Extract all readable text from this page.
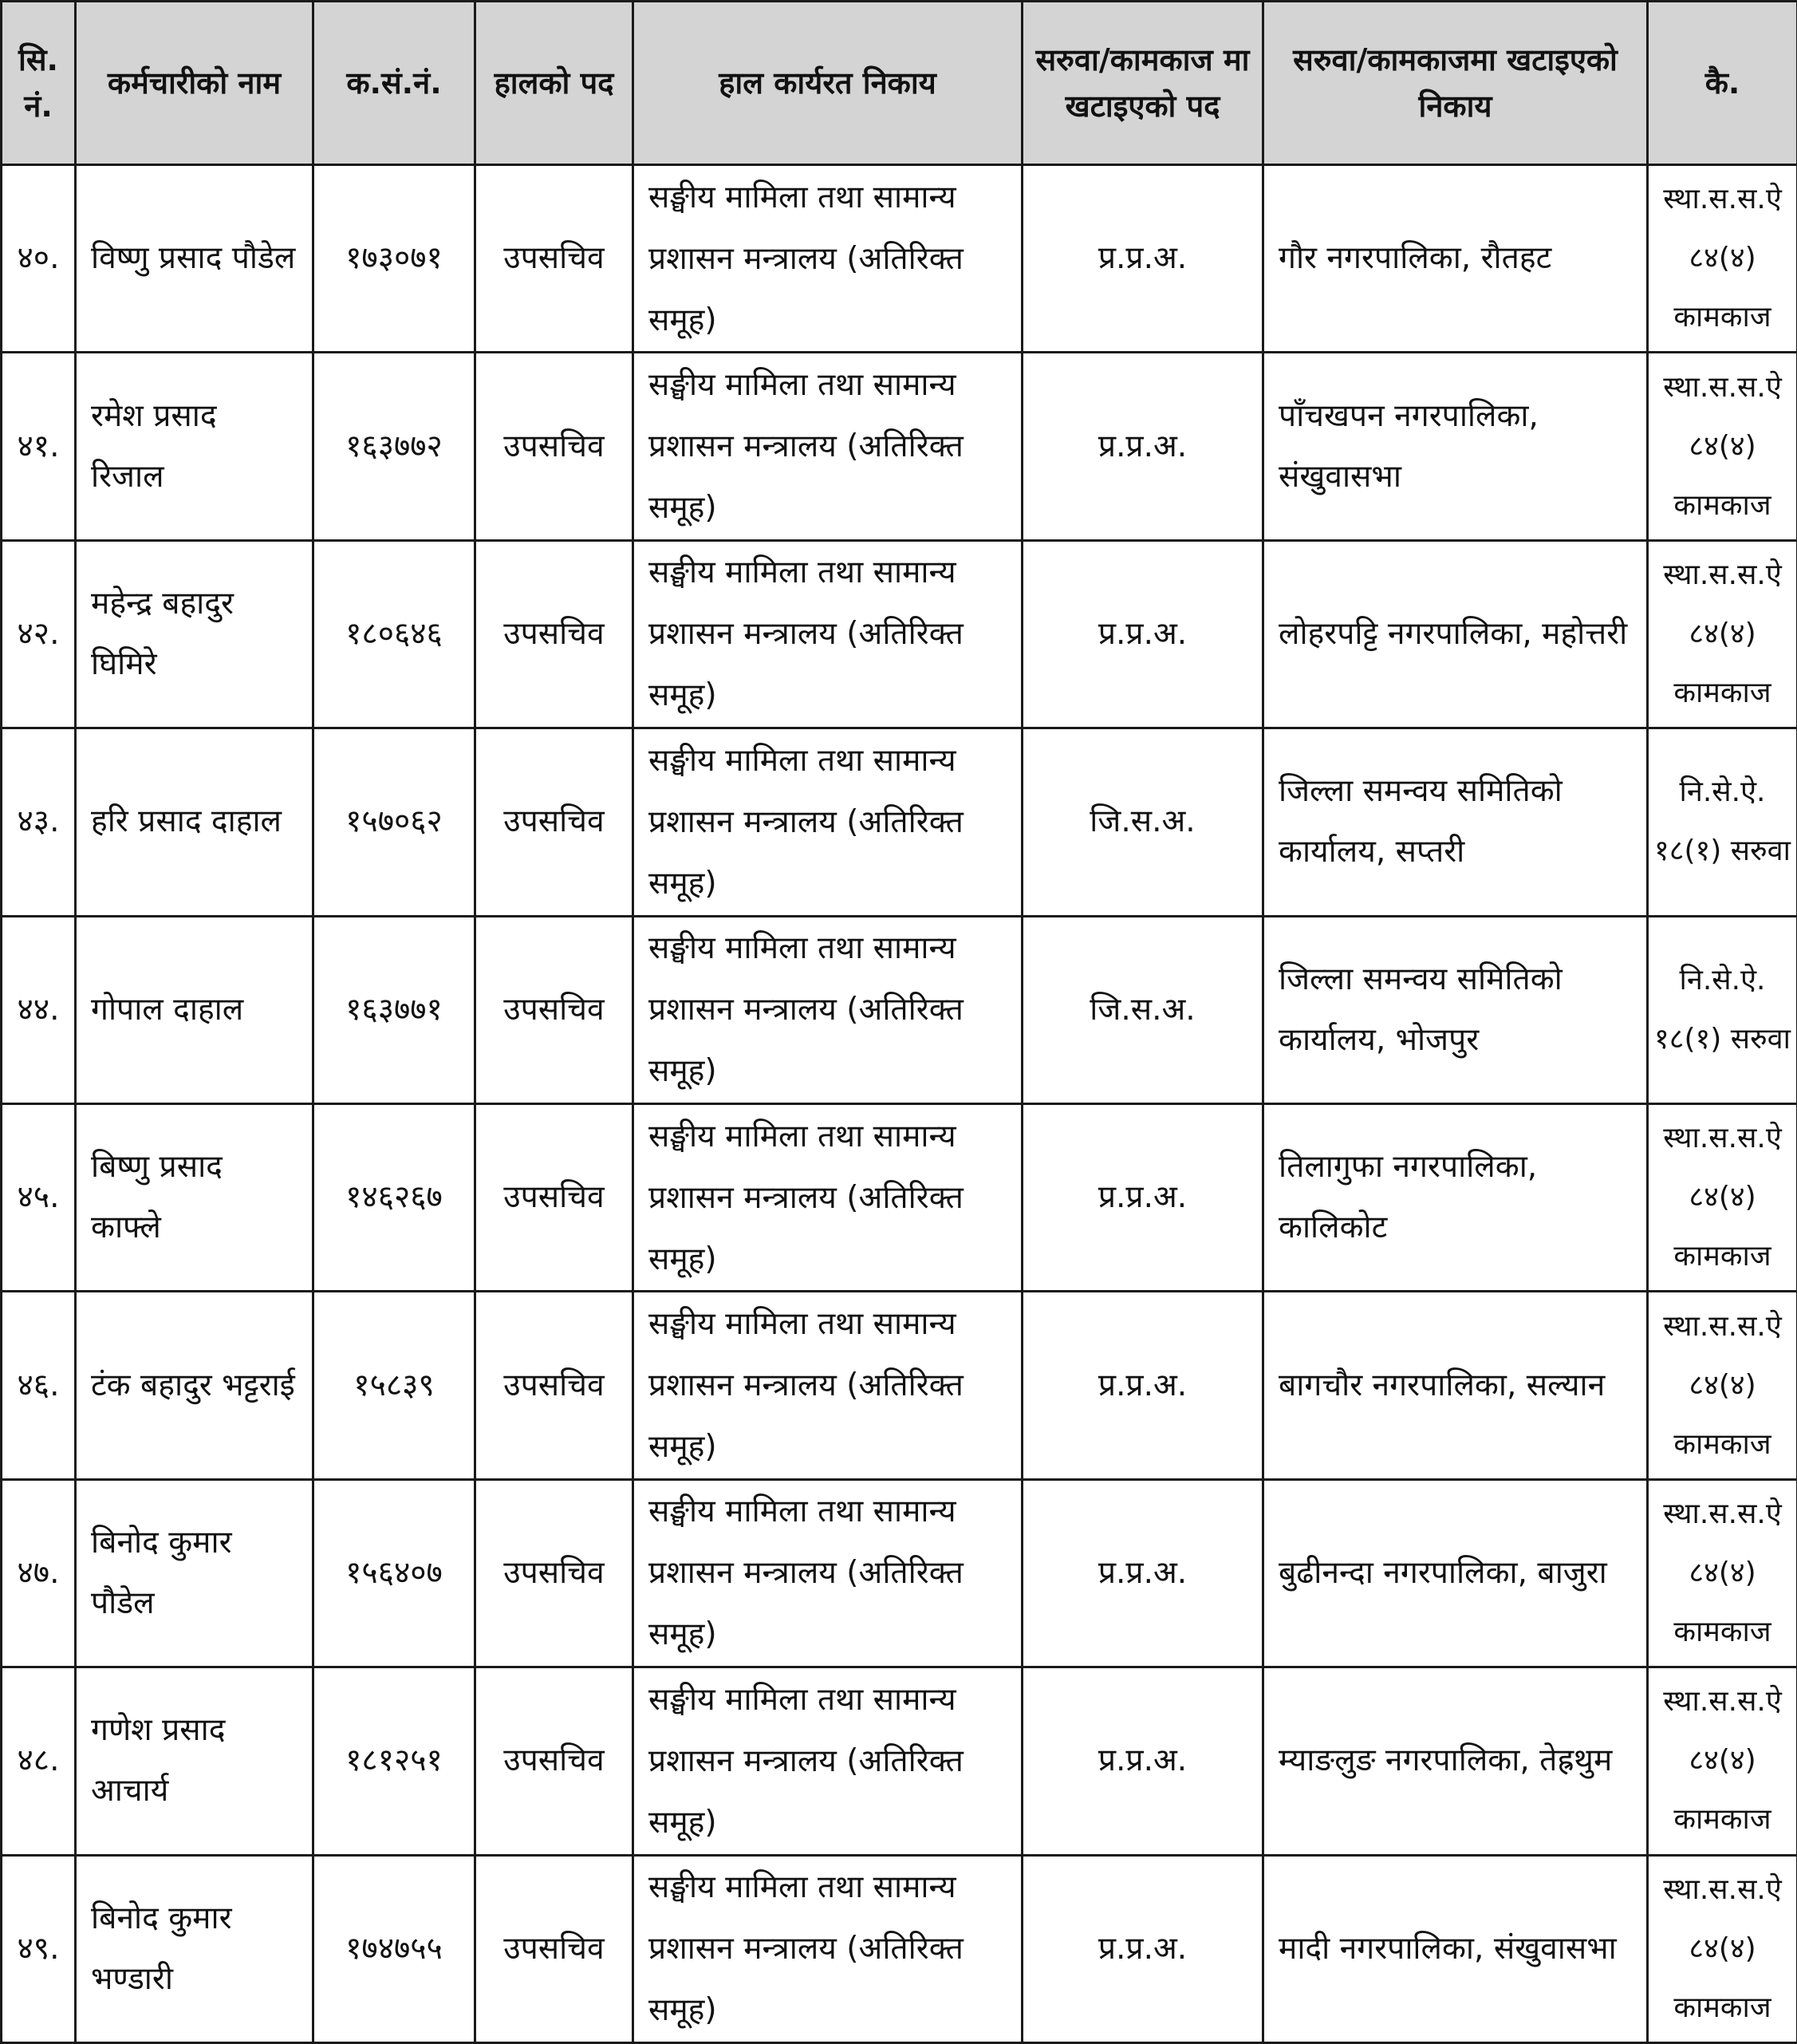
सि. नं.	कर्मचारीको नाम	क.सं.नं.	हालको पद	हाल कार्यरत निकाय	सरुवा/कामकाज मा खटाइएको पद	सरुवा/कामकाजमा खटाइएको निकाय	कै.
४०.	विष्णु प्रसाद पौडेल	१७३०७१	उपसचिव	सङ्घीय मामिला तथा सामान्य प्रशासन मन्त्रालय (अतिरिक्त समूह)	प्र.प्र.अ.	गौर नगरपालिका, रौतहट	स्था.स.स.ऐ ८४(४) कामकाज
४१.	रमेश प्रसाद रिजाल	१६३७७२	उपसचिव	सङ्घीय मामिला तथा सामान्य प्रशासन मन्त्रालय (अतिरिक्त समूह)	प्र.प्र.अ.	पाँचखपन नगरपालिका, संखुवासभा	स्था.स.स.ऐ ८४(४) कामकाज
४२.	महेन्द्र बहादुर घिमिरे	१८०६४६	उपसचिव	सङ्घीय मामिला तथा सामान्य प्रशासन मन्त्रालय (अतिरिक्त समूह)	प्र.प्र.अ.	लोहरपट्टि नगरपालिका, महोत्तरी	स्था.स.स.ऐ ८४(४) कामकाज
४३.	हरि प्रसाद दाहाल	१५७०६२	उपसचिव	सङ्घीय मामिला तथा सामान्य प्रशासन मन्त्रालय (अतिरिक्त समूह)	जि.स.अ.	जिल्ला समन्वय समितिको कार्यालय, सप्तरी	नि.से.ऐ. १८(१) सरुवा
४४.	गोपाल दाहाल	१६३७७१	उपसचिव	सङ्घीय मामिला तथा सामान्य प्रशासन मन्त्रालय (अतिरिक्त समूह)	जि.स.अ.	जिल्ला समन्वय समितिको कार्यालय, भोजपुर	नि.से.ऐ. १८(१) सरुवा
४५.	बिष्णु प्रसाद काफ्ले	१४६२६७	उपसचिव	सङ्घीय मामिला तथा सामान्य प्रशासन मन्त्रालय (अतिरिक्त समूह)	प्र.प्र.अ.	तिलागुफा नगरपालिका, कालिकोट	स्था.स.स.ऐ ८४(४) कामकाज
४६.	टंक बहादुर भट्टराई	१५८३९	उपसचिव	सङ्घीय मामिला तथा सामान्य प्रशासन मन्त्रालय (अतिरिक्त समूह)	प्र.प्र.अ.	बागचौर नगरपालिका, सल्यान	स्था.स.स.ऐ ८४(४) कामकाज
४७.	बिनोद कुमार पौडेल	१५६४०७	उपसचिव	सङ्घीय मामिला तथा सामान्य प्रशासन मन्त्रालय (अतिरिक्त समूह)	प्र.प्र.अ.	बुढीनन्दा नगरपालिका, बाजुरा	स्था.स.स.ऐ ८४(४) कामकाज
४८.	गणेश प्रसाद आचार्य	१८१२५१	उपसचिव	सङ्घीय मामिला तथा सामान्य प्रशासन मन्त्रालय (अतिरिक्त समूह)	प्र.प्र.अ.	म्याङलुङ नगरपालिका, तेह्रथुम	स्था.स.स.ऐ ८४(४) कामकाज
४९.	बिनोद कुमार भण्डारी	१७४७५५	उपसचिव	सङ्घीय मामिला तथा सामान्य प्रशासन मन्त्रालय (अतिरिक्त समूह)	प्र.प्र.अ.	मादी नगरपालिका, संखुवासभा	स्था.स.स.ऐ ८४(४) कामकाज
